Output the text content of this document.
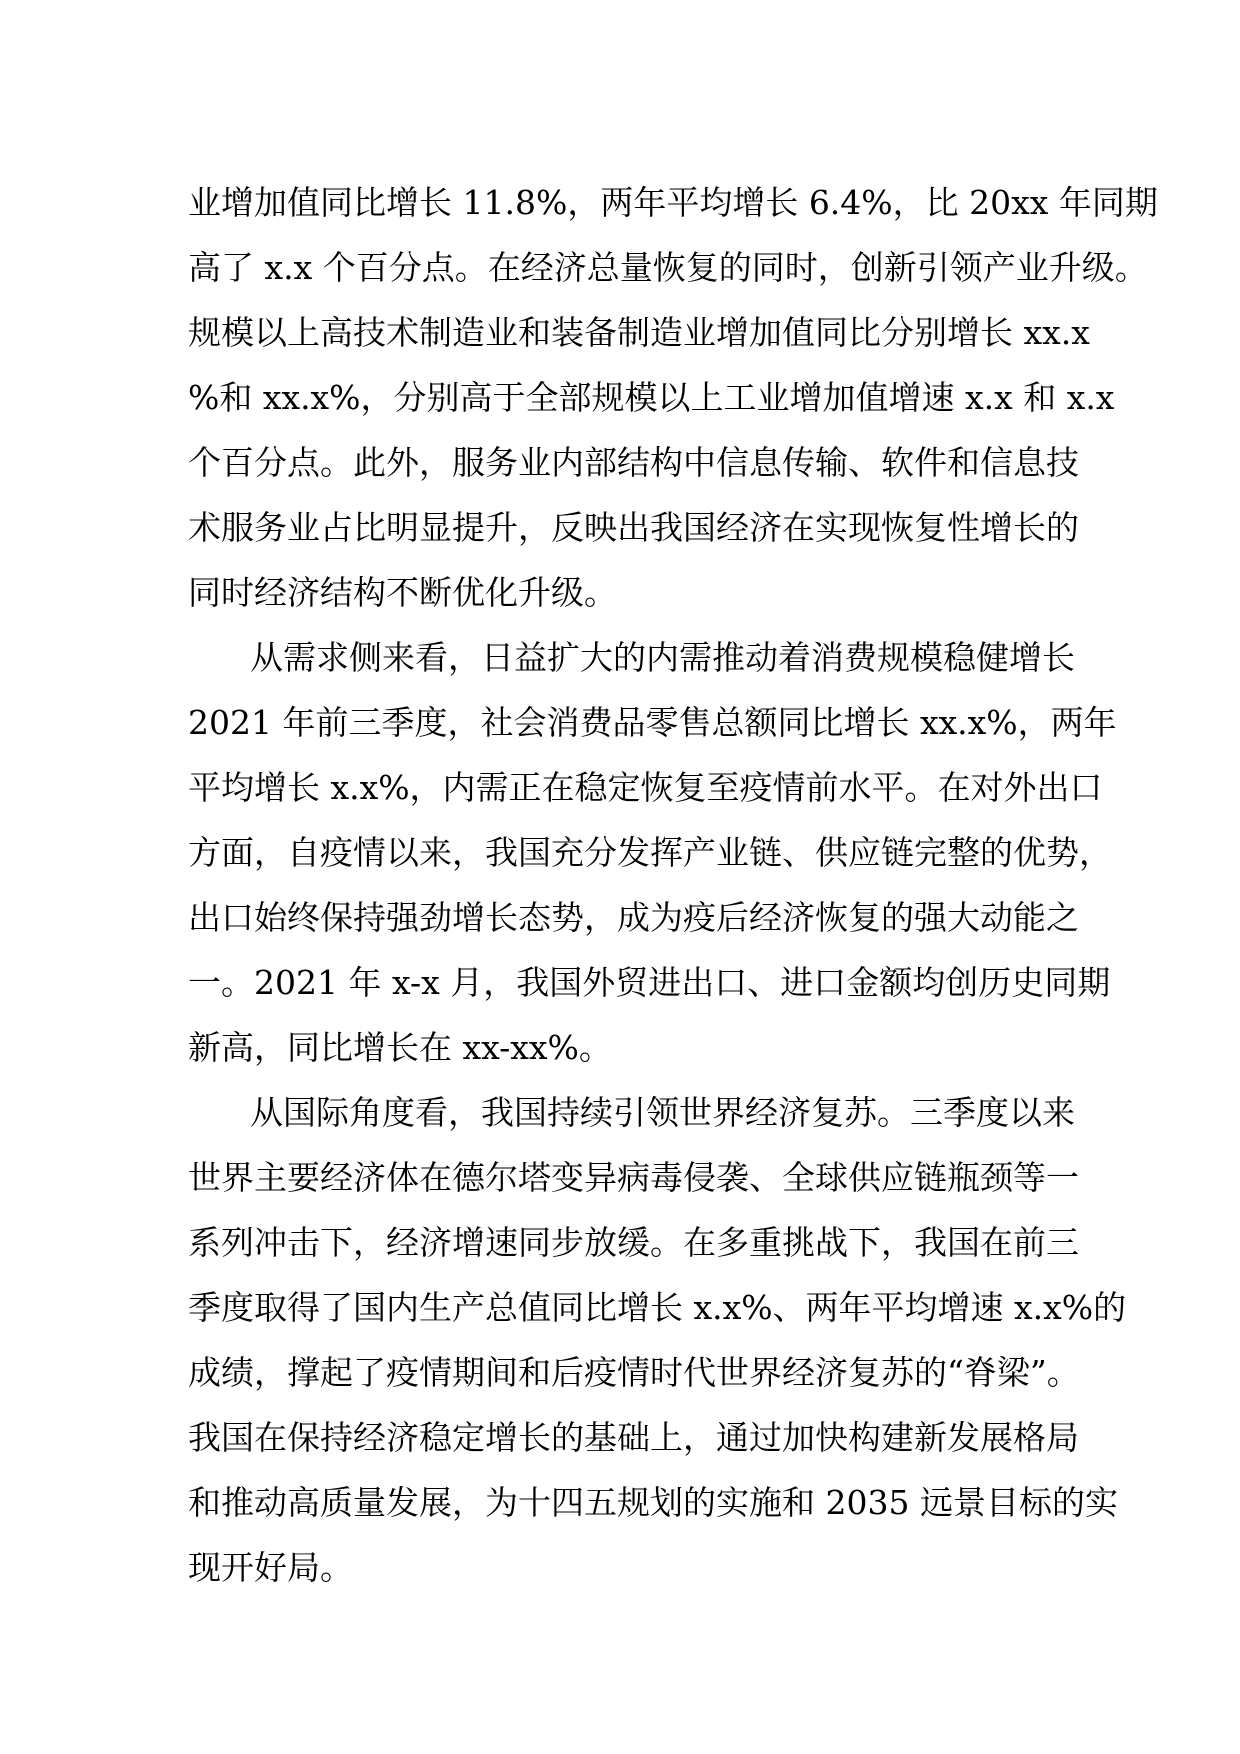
业增加值同比增长 11.8%，两年平均增长 6.4%，比 20xx 年同期
高了 x.x 个百分点。在经济总量恢复的同时，创新引领产业升级。
规模以上高技术制造业和装备制造业增加值同比分别增长 xx.x
%和 xx.x%，分别高于全部规模以上工业增加值增速 x.x 和 x.x
个百分点。此外，服务业内部结构中信息传输、软件和信息技
术服务业占比明显提升，反映出我国经济在实现恢复性增长的
同时经济结构不断优化升级。
从需求侧来看，日益扩大的内需推动着消费规模稳健增长
2021 年前三季度，社会消费品零售总额同比增长 xx.x%，两年
平均增长 x.x%，内需正在稳定恢复至疫情前水平。在对外出口
方面，自疫情以来，我国充分发挥产业链、供应链完整的优势，
出口始终保持强劲增长态势，成为疫后经济恢复的强大动能之
一。2021 年 x-x 月，我国外贸进出口、进口金额均创历史同期
新高，同比增长在 xx-xx%。
从国际角度看，我国持续引领世界经济复苏。三季度以来
世界主要经济体在德尔塔变异病毒侵袭、全球供应链瓶颈等一
系列冲击下，经济增速同步放缓。在多重挑战下，我国在前三
季度取得了国内生产总值同比增长 x.x%、两年平均增速 x.x%的
成绩，撑起了疫情期间和后疫情时代世界经济复苏的“脊梁”。
我国在保持经济稳定增长的基础上，通过加快构建新发展格局
和推动高质量发展，为十四五规划的实施和 2035 远景目标的实
现开好局。
